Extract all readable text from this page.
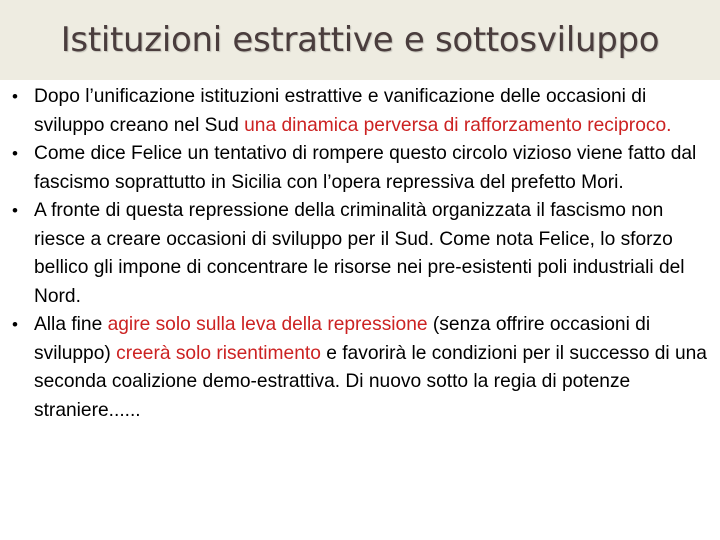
Istituzioni estrattive e sottosviluppo
• Dopo l’unificazione istituzioni estrattive e vanificazione delle occasioni di sviluppo creano nel Sud una dinamica perversa di rafforzamento reciproco.
• Come dice Felice un tentativo di rompere questo circolo vizioso viene fatto dal fascismo soprattutto in Sicilia con l’opera repressiva del prefetto Mori.
• A fronte di questa repressione della criminalità organizzata il fascismo non riesce a creare occasioni di sviluppo per il Sud. Come nota Felice, lo sforzo bellico gli impone di concentrare le risorse nei pre-esistenti poli industriali del Nord.
• Alla fine agire solo sulla leva della repressione (senza offrire occasioni di sviluppo) creerà solo risentimento e favorirà le condizioni per il successo di una seconda coalizione demo-estrattiva. Di nuovo sotto la regia di potenze straniere......
